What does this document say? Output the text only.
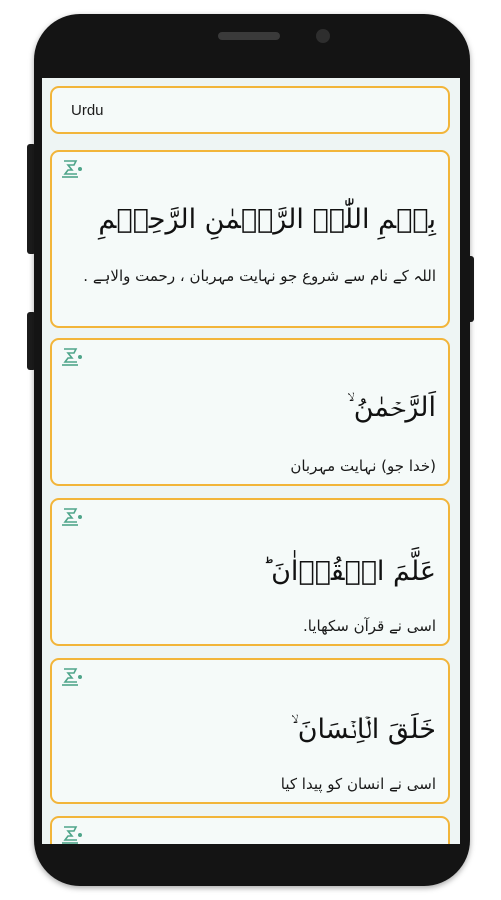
Urdu
بِسۡمِ اللّٰہِ الرَّحۡمٰنِ الرَّحِیۡمِ
اللہ کے نام سے شروع جو نہایت مہربان ، رحمت والاہے .
اَلرَّحۡمٰنُ ۙ
(خدا جو) نہایت مہربان
عَلَّمَ الۡقُرۡاٰنَ ؕ
اسی نے قرآن سکھایا.
خَلَقَ الۡاِنۡسَانَ ۙ
اسی نے انسان کو پیدا کیا
